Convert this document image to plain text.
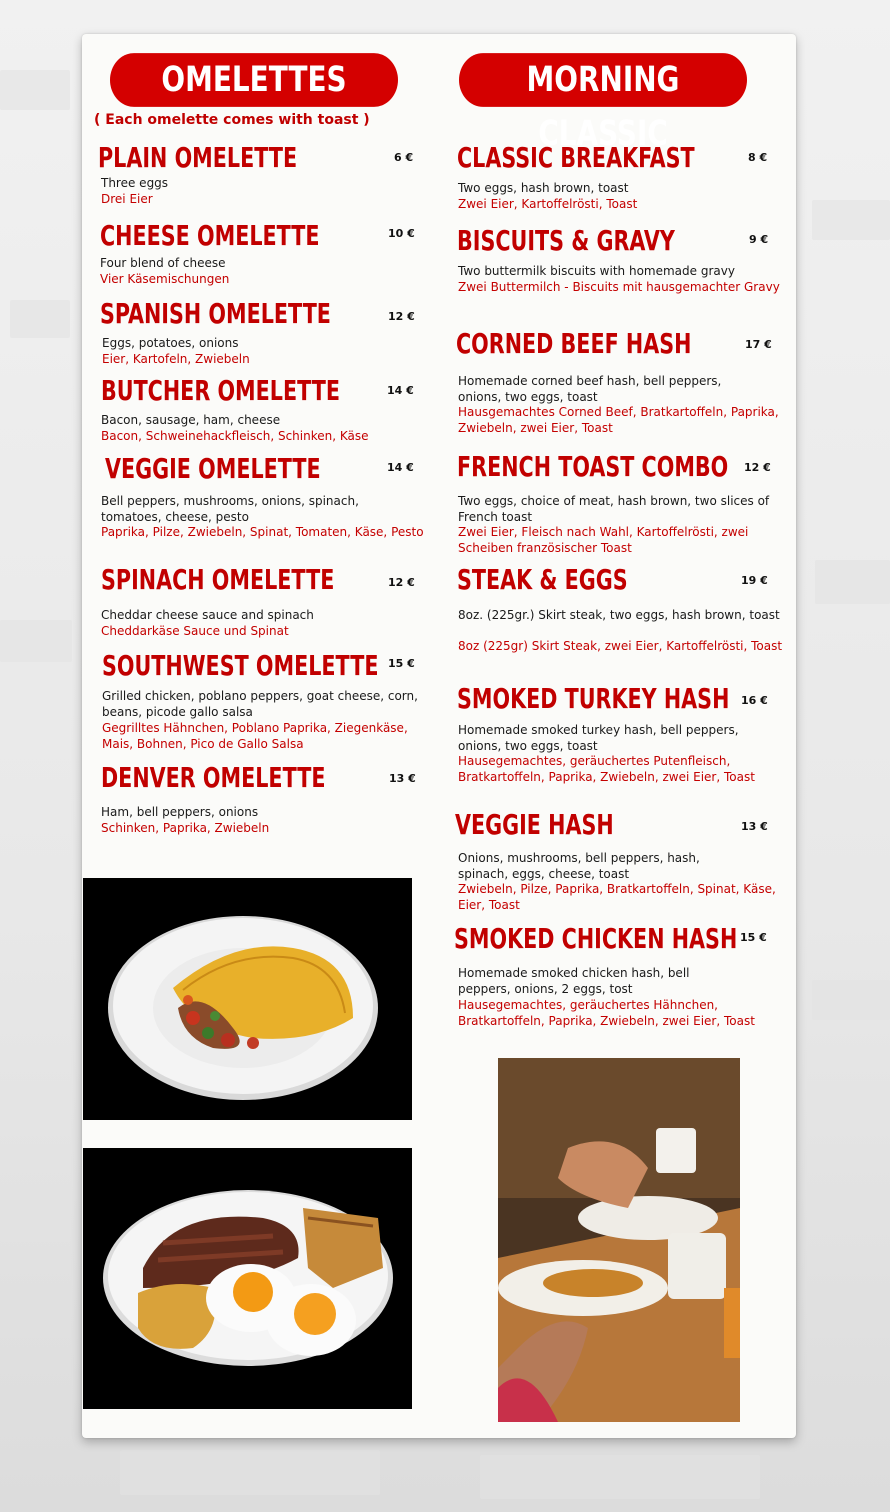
OMELETTES	MORNING CLASSIC
( Each omelette comes with toast )
PLAIN OMELETTE	6 €
Three eggs
Drei Eier
CHEESE OMELETTE	10 €
Four blend of cheese
Vier Käsemischungen
SPANISH OMELETTE	12 €
Eggs, potatoes, onions
Eier, Kartofeln, Zwiebeln
BUTCHER OMELETTE	14 €
Bacon, sausage, ham, cheese
Bacon, Schweinehackfleisch, Schinken, Käse
VEGGIE OMELETTE	14 €
Bell peppers, mushrooms, onions, spinach, tomatoes, cheese, pesto
Paprika, Pilze, Zwiebeln, Spinat, Tomaten, Käse, Pesto
SPINACH OMELETTE	12 €
Cheddar cheese sauce and spinach
Cheddarkäse Sauce und Spinat
SOUTHWEST OMELETTE 15 €
Grilled chicken, poblano peppers, goat cheese, corn, beans, picode gallo salsa
Gegrilltes Hähnchen, Poblano Paprika, Ziegenkäse, Mais, Bohnen, Pico de Gallo Salsa
DENVER OMELETTE	13 €
Ham, bell peppers, onions
Schinken, Paprika, Zwiebeln
CLASSIC BREAKFAST	8 €
Two eggs, hash brown, toast
Zwei Eier, Kartoffelrösti, Toast
BISCUITS & GRAVY	9 €
Two buttermilk biscuits with homemade gravy
Zwei Buttermilch - Biscuits mit hausgemachter Gravy
CORNED BEEF HASH	17 €
Homemade corned beef hash, bell peppers, onions, two eggs, toast
Hausgemachtes Corned Beef, Bratkartoffeln, Paprika, Zwiebeln, zwei Eier, Toast
FRENCH TOAST COMBO 12 €
Two eggs, choice of meat, hash brown, two slices of French toast
Zwei Eier, Fleisch nach Wahl, Kartoffelrösti, zwei Scheiben französischer Toast
STEAK & EGGS	19 €
8oz. (225gr.) Skirt steak, two eggs, hash brown, toast
8oz (225gr) Skirt Steak, zwei Eier, Kartoffelrösti, Toast
SMOKED TURKEY HASH 16 €
Homemade smoked turkey hash, bell peppers, onions, two eggs, toast
Hausegemachtes, geräuchertes Putenfleisch, Bratkartoffeln, Paprika, Zwiebeln, zwei Eier, Toast
VEGGIE HASH	13 €
Onions, mushrooms, bell peppers, hash, spinach, eggs, cheese, toast
Zwiebeln, Pilze, Paprika, Bratkartoffeln, Spinat, Käse, Eier, Toast
SMOKED CHICKEN HASH 15 €
Homemade smoked chicken hash, bell peppers, onions, 2 eggs, tost
Hausegemachtes, geräuchertes Hähnchen, Bratkartoffeln, Paprika, Zwiebeln, zwei Eier, Toast
